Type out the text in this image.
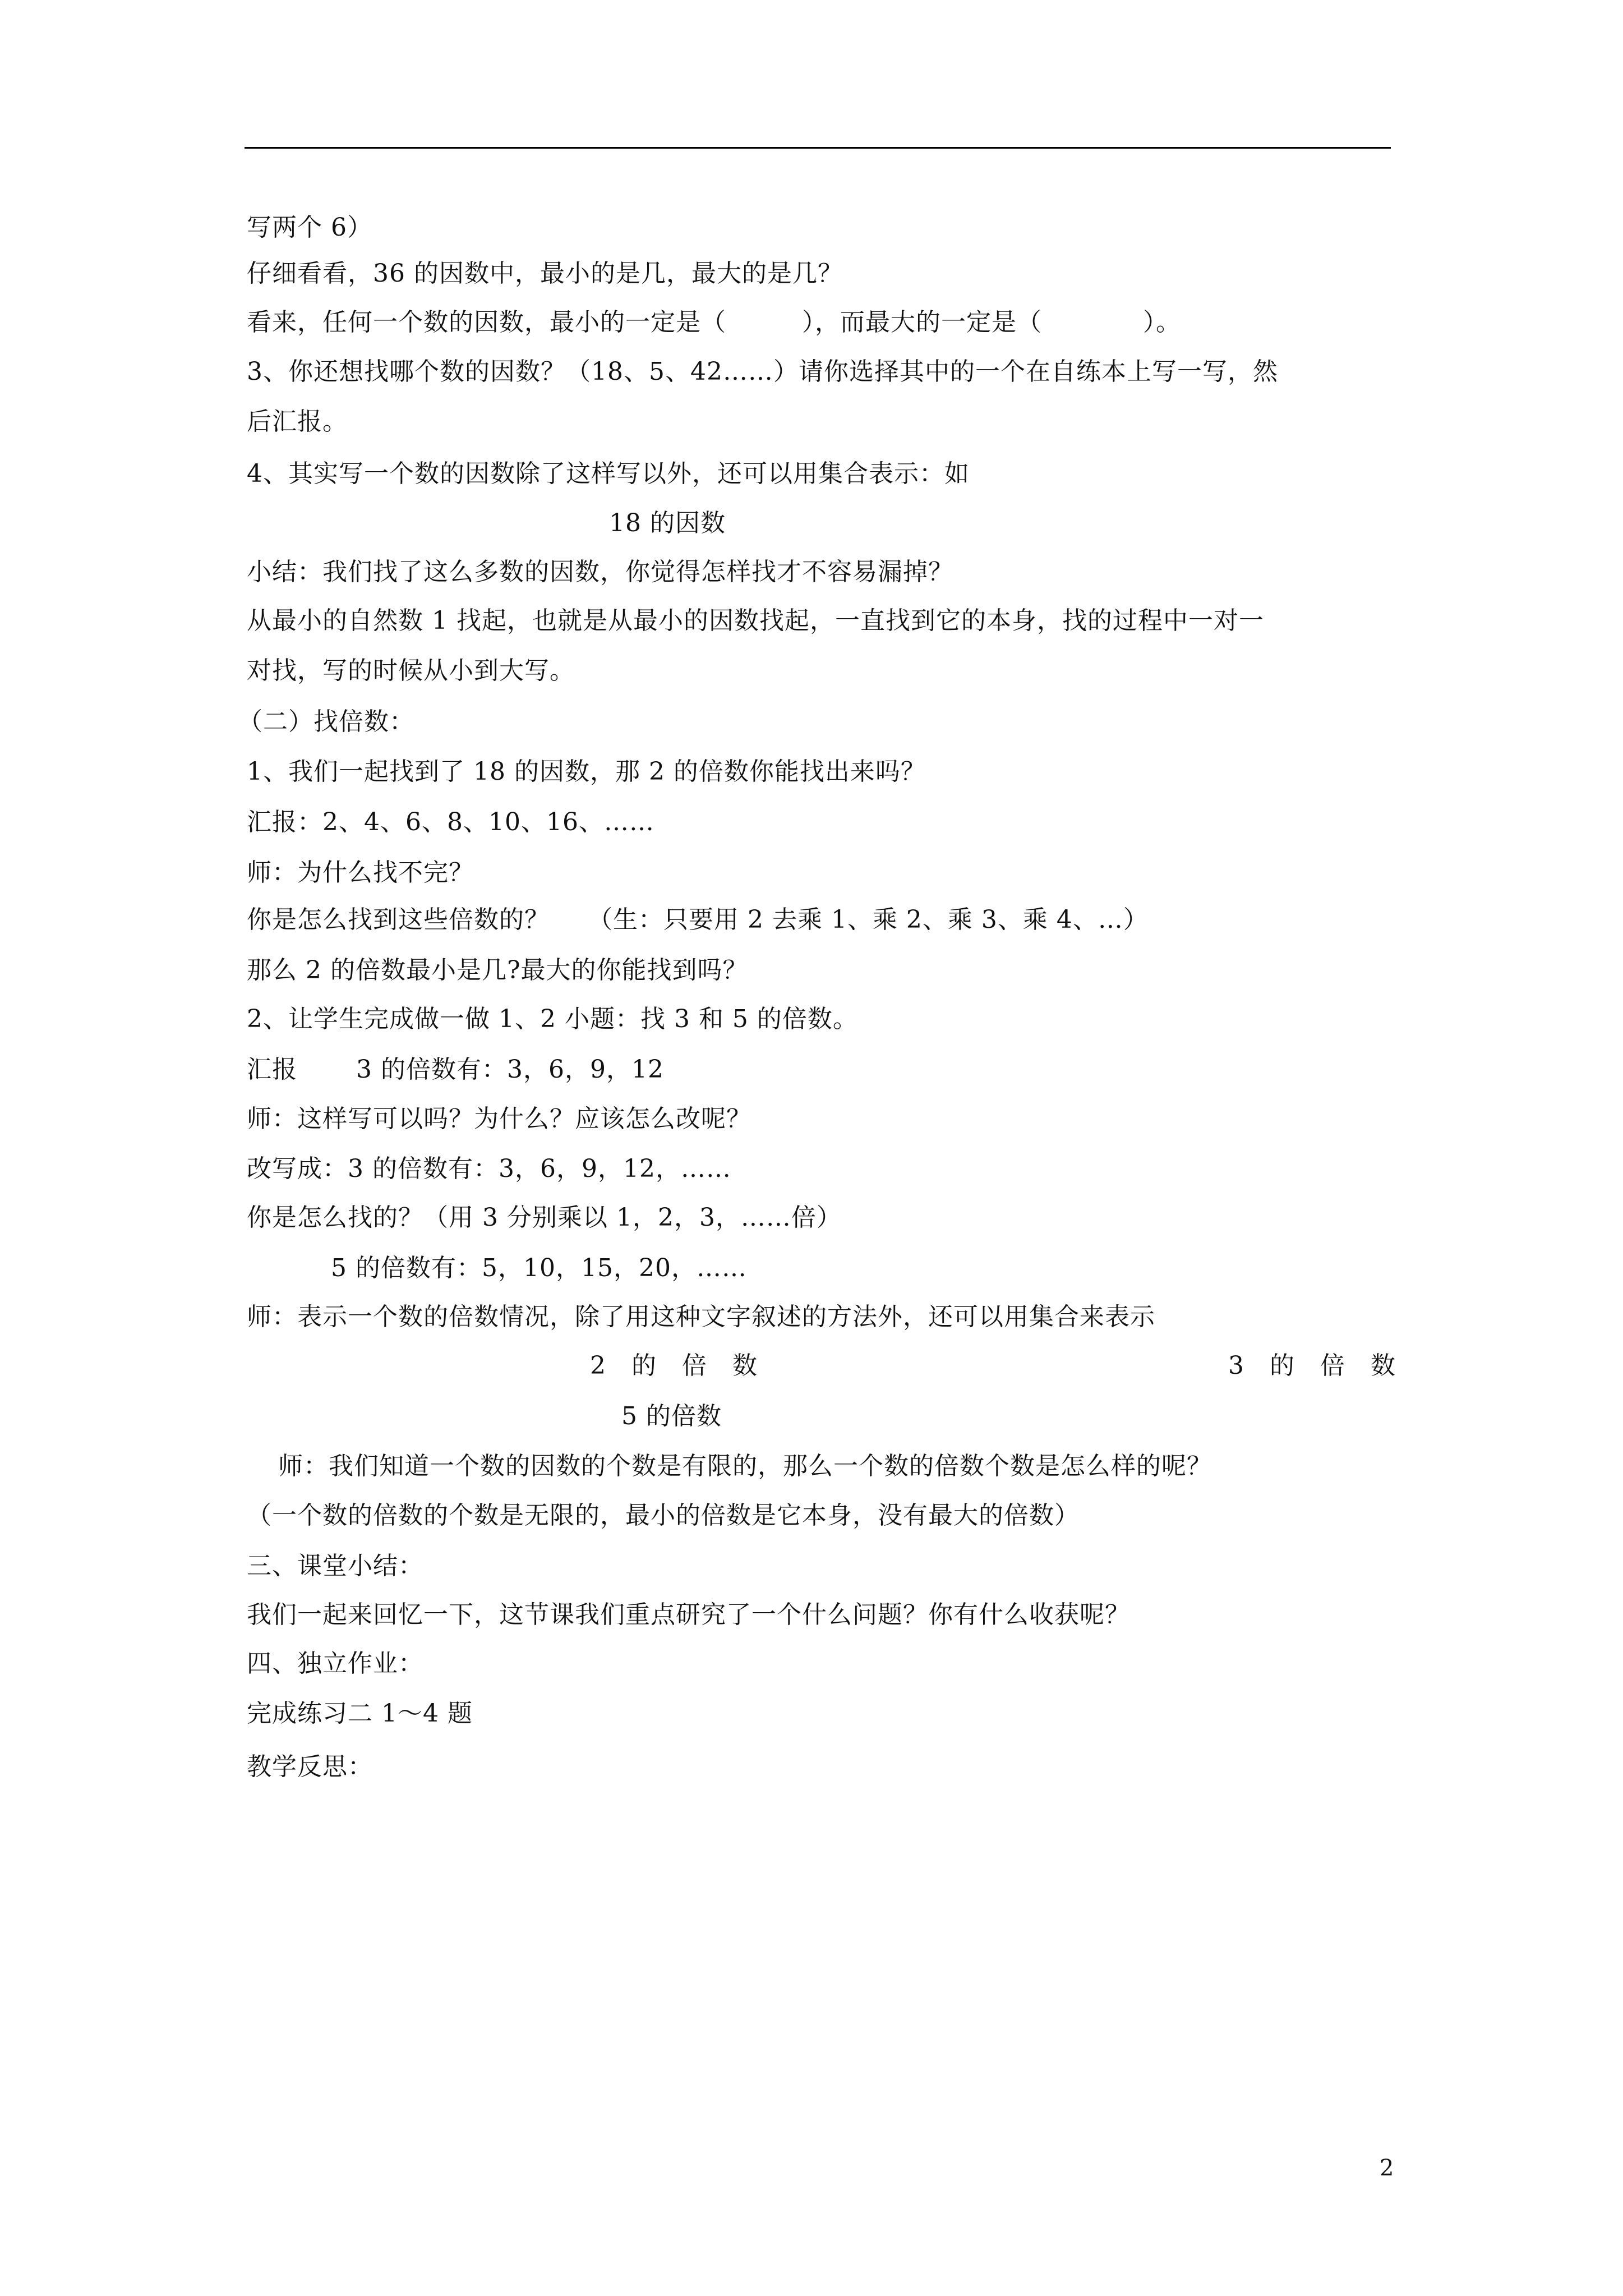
写两个 6）
仔细看看，36 的因数中，最小的是几，最大的是几？
看来，任何一个数的因数，最小的一定是（　　　），而最大的一定是（　　　　）。
3、你还想找哪个数的因数？（18、5、42……）请你选择其中的一个在自练本上写一写，然
后汇报。
4、其实写一个数的因数除了这样写以外，还可以用集合表示：如
18 的因数
小结：我们找了这么多数的因数，你觉得怎样找才不容易漏掉？
从最小的自然数 1 找起，也就是从最小的因数找起，一直找到它的本身，找的过程中一对一
对找，写的时候从小到大写。
（二）找倍数：
1、我们一起找到了 18 的因数，那 2 的倍数你能找出来吗？
汇报：2、4、6、8、10、16、……
师：为什么找不完？
你是怎么找到这些倍数的？　　（生：只要用 2 去乘 1、乘 2、乘 3、乘 4、…）
那么 2 的倍数最小是几?最大的你能找到吗？
2、让学生完成做一做 1、2 小题：找 3 和 5 的倍数。
汇报　　 3 的倍数有：3，6，9，12
师：这样写可以吗？为什么？应该怎么改呢？
改写成：3 的倍数有：3，6，9，12，……
你是怎么找的？（用 3 分别乘以 1，2，3，……倍）
5 的倍数有：5，10，15，20，……
师：表示一个数的倍数情况，除了用这种文字叙述的方法外，还可以用集合来表示
2　的　倍　数	3　的　倍　数
5 的倍数
师：我们知道一个数的因数的个数是有限的，那么一个数的倍数个数是怎么样的呢？
（一个数的倍数的个数是无限的，最小的倍数是它本身，没有最大的倍数）
三、课堂小结：
我们一起来回忆一下，这节课我们重点研究了一个什么问题？你有什么收获呢？
四、独立作业：
完成练习二 1～4 题
教学反思：
2
